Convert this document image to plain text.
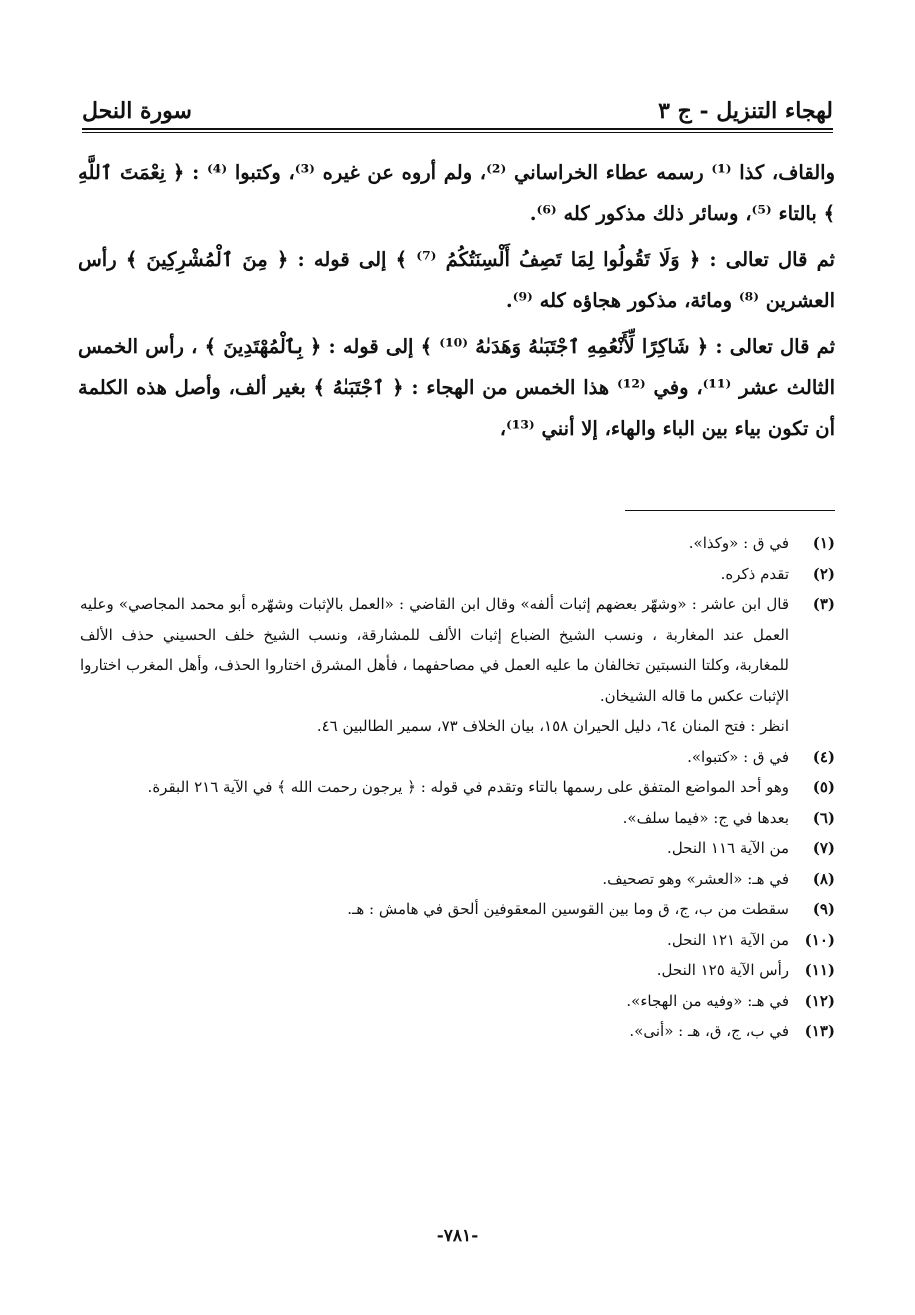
لهجاء التنزيل - ج ٣
سورة النحل

والقاف، كذا ⁽¹⁾ رسمه عطاء الخراساني ⁽²⁾، ولم أروه عن غيره ⁽³⁾، وكتبوا ⁽⁴⁾ : ﴿ نِعْمَتَ ٱللَّهِ ﴾ بالتاء ⁽⁵⁾، وسائر ذلك مذكور كله ⁽⁶⁾.

ثم قال تعالى : ﴿ وَلَا تَقُولُوا لِمَا تَصِفُ أَلْسِنَتُكُمُ ⁽⁷⁾ ﴾ إلى قوله : ﴿ مِنَ ٱلْمُشْرِكِينَ ﴾ رأس العشرين ⁽⁸⁾ ومائة، مذكور هجاؤه كله ⁽⁹⁾.

ثم قال تعالى : ﴿ شَاكِرًا لِّأَنْعُمِهِ ٱجْتَبَىٰهُ وَهَدَىٰهُ ⁽¹⁰⁾ ﴾ إلى قوله : ﴿ بِٱلْمُهْتَدِينَ ﴾ ، رأس الخمس الثالث عشر ⁽¹¹⁾، وفي ⁽¹²⁾ هذا الخمس من الهجاء : ﴿ ٱجْتَبَىٰهُ ﴾ بغير ألف، وأصل هذه الكلمة أن تكون بياء بين الباء والهاء، إلا أنني ⁽¹³⁾،

(١)
في ق : «وكذا».
(٢)
تقدم ذكره.
(٣)
قال ابن عاشر : «وشهّر بعضهم إثبات ألفه» وقال ابن القاضي : «العمل بالإثبات وشهّره أبو محمد المجاصي» وعليه العمل عند المغاربة ، ونسب الشيخ الضباع إثبات الألف للمشارقة، ونسب الشيخ خلف الحسيني حذف الألف للمغاربة، وكلتا النسبتين تخالفان ما عليه العمل في مصاحفهما ، فأهل المشرق اختاروا الحذف، وأهل المغرب اختاروا الإثبات عكس ما قاله الشيخان.
انظر : فتح المنان ٦٤، دليل الحيران ١٥٨، بيان الخلاف ٧٣، سمير الطالبين ٤٦.
(٤)
في ق : «كتبوا».
(٥)
وهو أحد المواضع المتفق على رسمها بالتاء وتقدم في قوله : ﴿ يرجون رحمت الله ﴾ في الآية ٢١٦ البقرة.
(٦)
بعدها في ج: «فيما سلف».
(٧)
من الآية ١١٦ النحل.
(٨)
في هـ: «العشر» وهو تصحيف.
(٩)
سقطت من ب، ج، ق وما بين القوسين المعقوفين ألحق في هامش : هـ.
(١٠)
من الآية ١٢١ النحل.
(١١)
رأس الآية ١٢٥ النحل.
(١٢)
في هـ: «وفيه من الهجاء».
(١٣)
في ب، ج، ق، هـ : «أنى».
-٧٨١-
